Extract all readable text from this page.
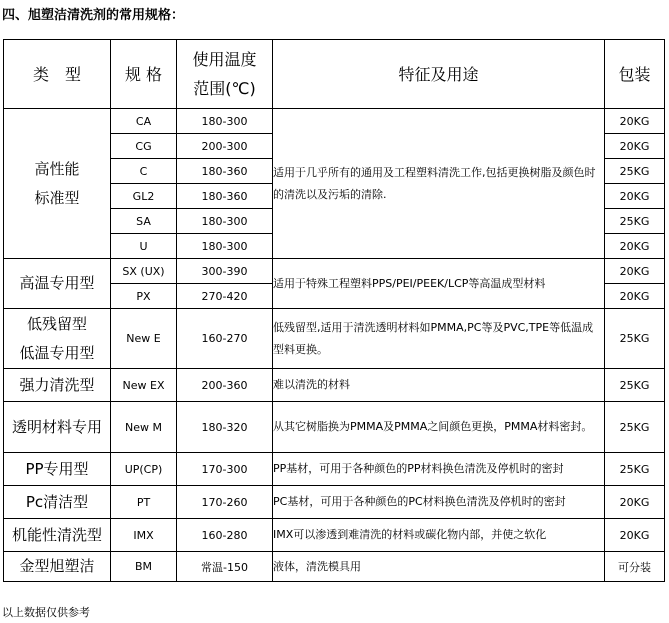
四、旭塑洁清洗剂的常用规格：
类　型	规 格	使用温度
范围(℃)	特征及用途	包装

高性能
标准型	CA	180-300	适用于几乎所有的通用及工程塑料清洗工作,包括更换树脂及颜色时的清洗以及污垢的清除.	20KG
	CG	200-300		20KG
	C	180-360		25KG
	GL2	180-360		20KG
	SA	180-300		25KG
	U	180-300		20KG

高温专用型	SX (UX)	300-390	适用于特殊工程塑料PPS/PEI/PEEK/LCP等高温成型材料	20KG
	PX	270-420		20KG

低残留型
低温专用型	New E	160-270	低残留型,适用于清洗透明材料如PMMA,PC等及PVC,TPE等低温成型料更换。	25KG

强力清洗型	New EX	200-360	难以清洗的材料	25KG

透明材料专用	New M	180-320	从其它树脂换为PMMA及PMMA之间颜色更换，PMMA材料密封。	25KG

PP专用型	UP(CP)	170-300	PP基材，可用于各种颜色的PP材料换色清洗及停机时的密封	25KG

Pc清洁型	PT	170-260	PC基材，可用于各种颜色的PC材料换色清洗及停机时的密封	20KG

机能性清洗型	IMX	160-280	IMX可以渗透到难清洗的材料或碳化物内部，并使之软化	20KG

金型旭塑洁	BM	常温-150	液体，清洗模具用	可分装
以上数据仅供参考
